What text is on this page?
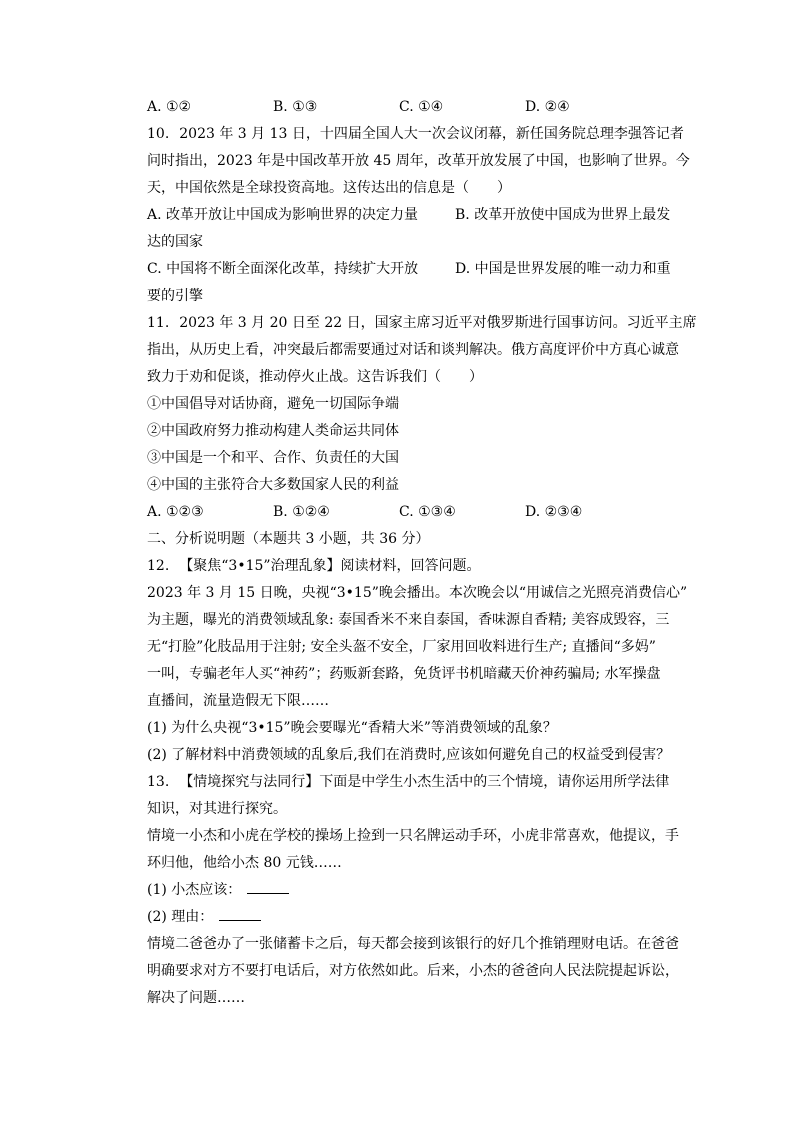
A. ①②	B. ①③	C. ①④	D. ②④
10. 2023 年 3 月 13 日，十四届全国人大一次会议闭幕，新任国务院总理李强答记者
问时指出，2023 年是中国改革开放 45 周年，改革开放发展了中国，也影响了世界。今
天，中国依然是全球投资高地。这传达出的信息是（　　）
A. 改革开放让中国成为影响世界的决定力量	B. 改革开放使中国成为世界上最发
达的国家
C. 中国将不断全面深化改革，持续扩大开放	D. 中国是世界发展的唯一动力和重
要的引擎
11. 2023 年 3 月 20 日至 22 日，国家主席习近平对俄罗斯进行国事访问。习近平主席
指出，从历史上看，冲突最后都需要通过对话和谈判解决。俄方高度评价中方真心诚意
致力于劝和促谈，推动停火止战。这告诉我们（　　）
①中国倡导对话协商，避免一切国际争端
②中国政府努力推动构建人类命运共同体
③中国是一个和平、合作、负责任的大国
④中国的主张符合大多数国家人民的利益
A. ①②③	B. ①②④	C. ①③④	D. ②③④
二、分析说明题（本题共 3 小题，共 36 分）
12. 【聚焦“3•15”治理乱象】阅读材料，回答问题。
2023 年 3 月 15 日晚，央视“3•15”晚会播出。本次晚会以“用诚信之光照亮消费信心”
为主题，曝光的消费领域乱象: 泰国香米不来自泰国，香味源自香精; 美容成毁容，三
无“打脸”化肢品用于注射; 安全头盔不安全，厂家用回收料进行生产; 直播间“多妈”
一叫，专骗老年人买“神药”；药贩新套路，免货评书机暗藏天价神药骗局; 水军操盘
直播间，流量造假无下限……
(1) 为什么央视“3•15”晚会要曝光“香精大米”等消费领域的乱象？
(2) 了解材料中消费领域的乱象后,我们在消费时,应该如何避免自己的权益受到侵害？
13. 【情境探究与法同行】下面是中学生小杰生活中的三个情境，请你运用所学法律
知识，对其进行探究。
情境一小杰和小虎在学校的操场上捡到一只名牌运动手环，小虎非常喜欢，他提议，手
环归他，他给小杰 80 元钱……
(1) 小杰应该：
(2) 理由：
情境二爸爸办了一张储蓄卡之后，每天都会接到该银行的好几个推销理财电话。在爸爸
明确要求对方不要打电话后，对方依然如此。后来，小杰的爸爸向人民法院提起诉讼，
解决了问题……
